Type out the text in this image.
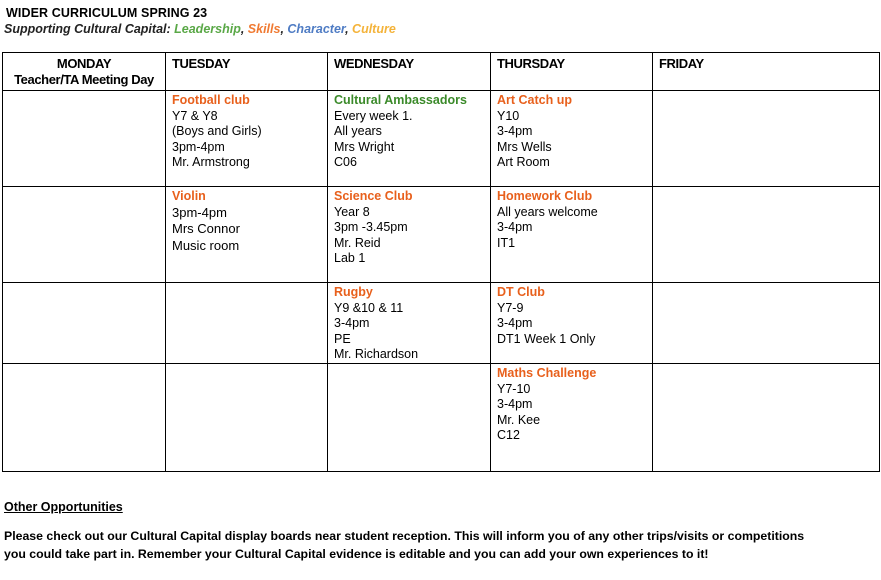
WIDER CURRICULUM SPRING 23
Supporting Cultural Capital: Leadership, Skills, Character, Culture
MONDAY
Teacher/TA Meeting Day	TUESDAY	WEDNESDAY	THURSDAY	FRIDAY

	Football club
Y7 & Y8
(Boys and Girls)
3pm-4pm
Mr. Armstrong	Cultural Ambassadors
Every week 1.
All years
Mrs Wright
C06	Art Catch up
Y10
3-4pm
Mrs Wells
Art Room	

	Violin
3pm-4pm
Mrs Connor
Music room	Science Club
Year 8
3pm -3.45pm
Mr. Reid
Lab 1	Homework Club
All years welcome
3-4pm
IT1	

		Rugby
Y9 &10 & 11
3-4pm
PE
Mr. Richardson	DT Club
Y7-9
3-4pm
DT1 Week 1 Only	

			Maths Challenge
Y7-10
3-4pm
Mr. Kee
C12	

Other Opportunities
Please check out our Cultural Capital display boards near student reception. This will inform you of any other trips/visits or competitions
you could take part in. Remember your Cultural Capital evidence is editable and you can add your own experiences to it!
